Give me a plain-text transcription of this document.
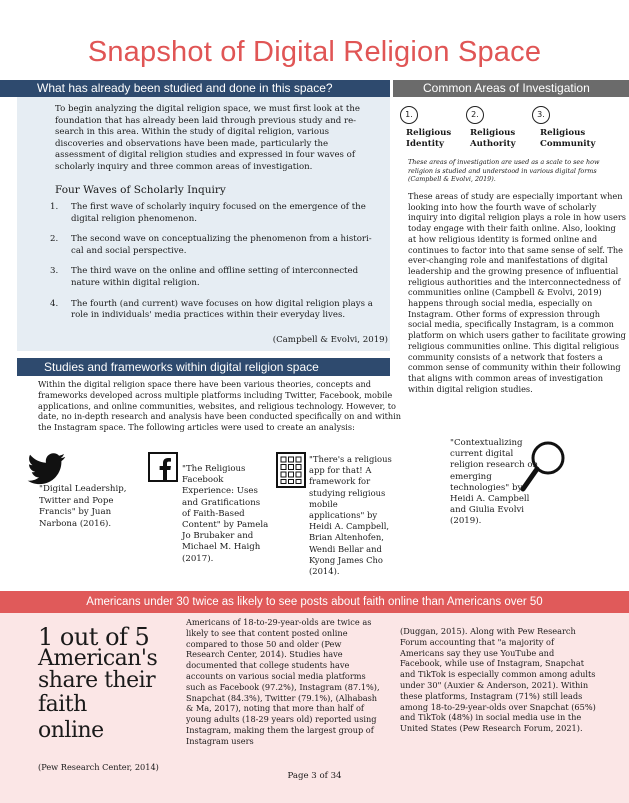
Snapshot of Digital Religion Space
What has already been studied and done in this space?	Common Areas of Investigation
To begin analyzing the digital religion space, we must first look at the foundation that has already been laid through previous study and re-search in this area. Within the study of digital religion, various discoveries and observations have been made, particularly the assessment of digital religion studies and expressed in four waves of scholarly inquiry and three common areas of investigation.
Four Waves of Scholarly Inquiry
1.	The first wave of scholarly inquiry focused on the emergence of the digital religion phenomenon.
2.	The second wave on conceptualizing the phenomenon from a histori-cal and social perspective.
3.	The third wave on the online and offline setting of interconnected nature within digital religion.
4.	The fourth (and current) wave focuses on how digital religion plays a role in individuals' media practices within their everyday lives.
(Campbell & Evolvi, 2019)
1.
Religious
Identity
2.
Religious
Authority
3.
Religious
Community
These areas of investigation are used as a scale to see how religion is studied and understood in various digital forms (Campbell & Evolvi, 2019).
These areas of study are especially important when looking into how the fourth wave of scholarly inquiry into digital religion plays a role in how users today engage with their faith online. Also, looking at how religious identity is formed online and continues to factor into that same sense of self. The ever-changing role and manifestations of digital leadership and the growing presence of influential religious authorities and the interconnectedness of communities online (Campbell & Evolvi, 2019) happens through social media, especially on Instagram. Other forms of expression through social media, specifically Instagram, is a common platform on which users gather to facilitate growing religious communities online. This digital religious community consists of a network that fosters a common sense of community within their following that aligns with common areas of investigation within digital religion studies.
Studies and frameworks within digital religion space
Within the digital religion space there have been various theories, concepts and frameworks developed across multiple platforms including Twitter, Facebook, mobile applications, and online communities, websites, and religious technology. However, to date, no in-depth research and analysis have been conducted specifically on and within the Instagram space. The following articles were used to create an analysis:
"Digital Leadership, Twitter and Pope Francis" by Juan Narbona (2016).
"The Religious Facebook Experience: Uses and Gratifications of Faith-Based Content" by Pamela Jo Brubaker and Michael M. Haigh (2017).
"There's a religious app for that! A framework for studying religious mobile applications" by Heidi A. Campbell, Brian Altenhofen, Wendi Bellar and Kyong James Cho (2014).
"Contextualizing current digital religion research on emerging technologies" by Heidi A. Campbell and Giulia Evolvi (2019).
Americans under 30 twice as likely to see posts about faith online than Americans over 50
1 out of 5
American's
share their
faith
online
(Pew Research Center, 2014)
Americans of 18-to-29-year-olds are twice as likely to see that content posted online compared to those 50 and older (Pew Research Center, 2014). Studies have documented that college students have accounts on various social media platforms such as Facebook (97.2%), Instagram (87.1%), Snapchat (84.3%), Twitter (79.1%), (Alhabash & Ma, 2017), noting that more than half of young adults (18-29 years old) reported using Instagram, making them the largest group of Instagram users
(Duggan, 2015). Along with Pew Research Forum accounting that "a majority of Americans say they use YouTube and Facebook, while use of Instagram, Snapchat and TikTok is especially common among adults under 30" (Auxier & Anderson, 2021). Within these platforms, Instagram (71%) still leads among 18-to-29-year-olds over Snapchat (65%) and TikTok (48%) in social media use in the United States (Pew Research Forum, 2021).
Page 3 of 34
